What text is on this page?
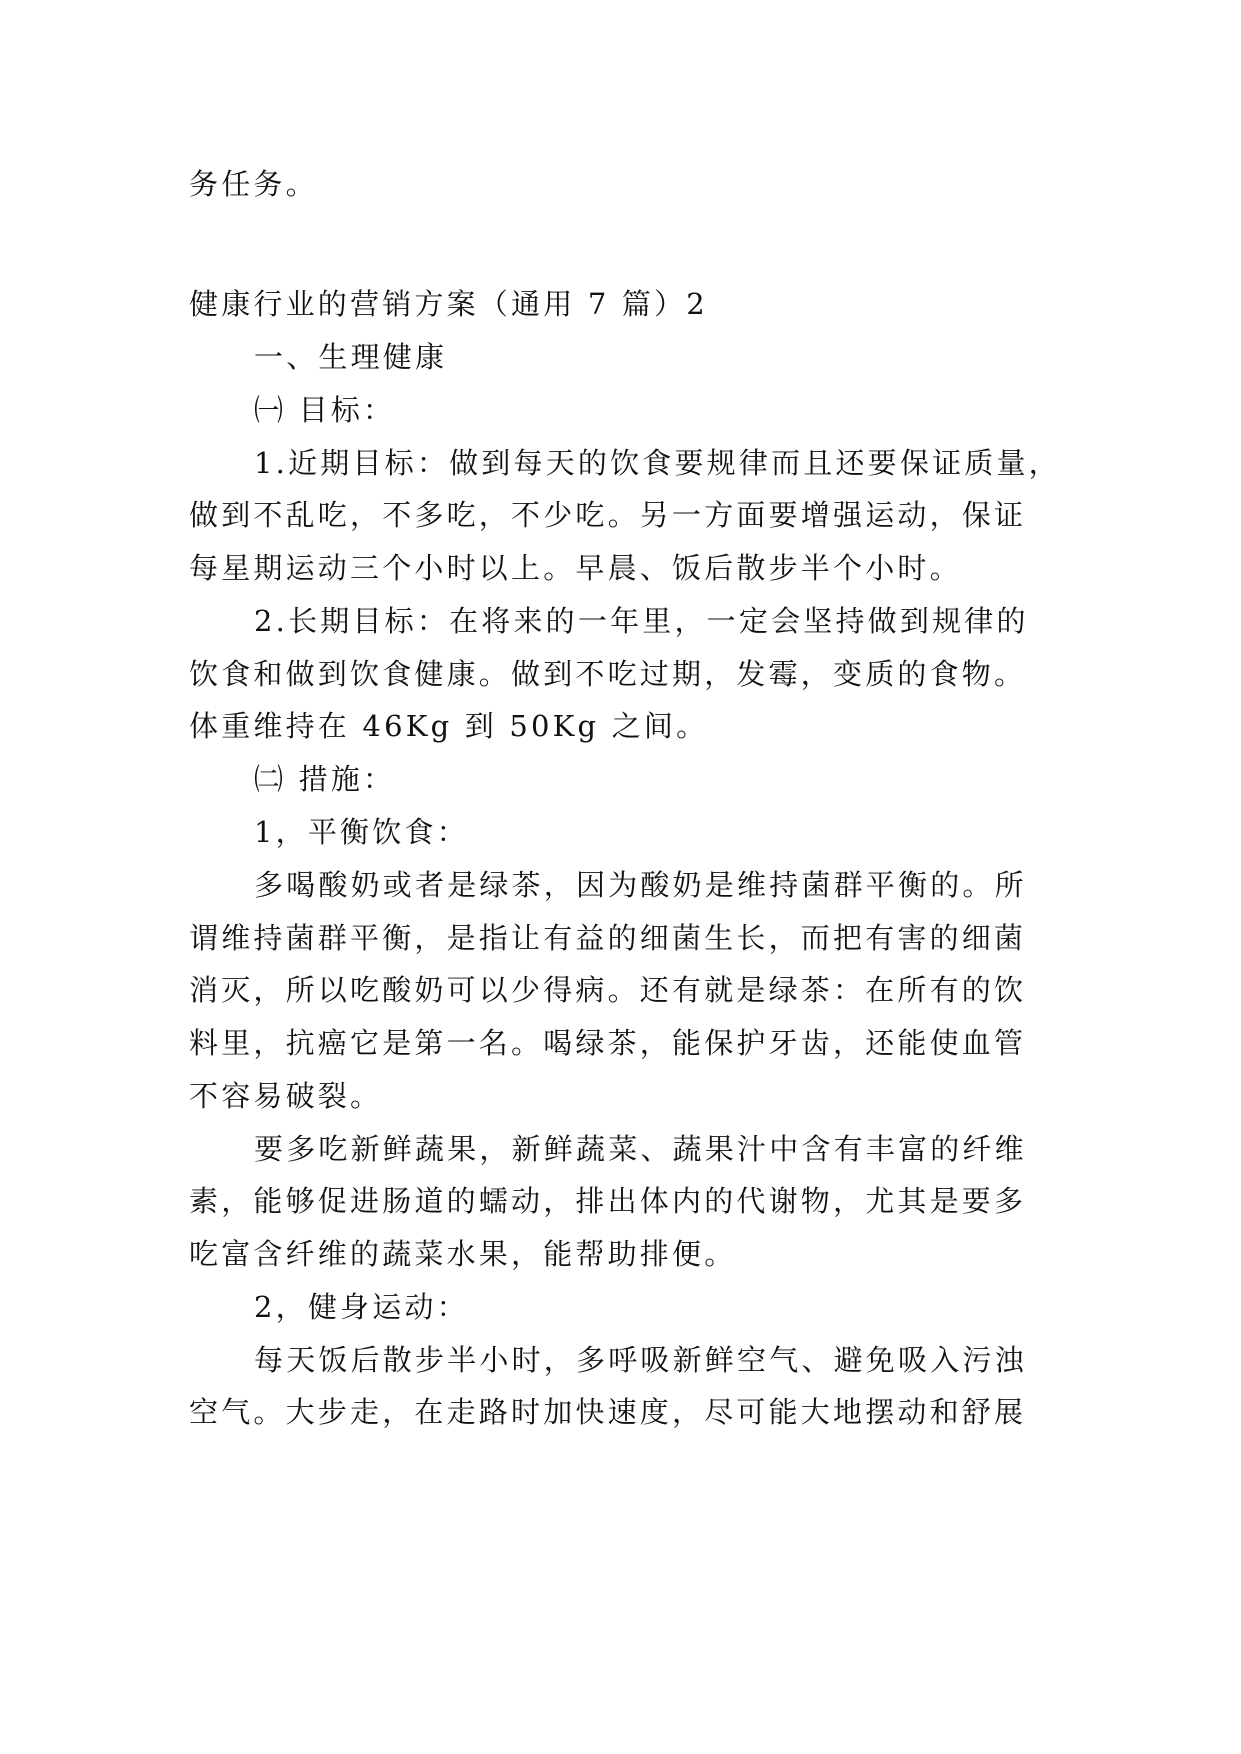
务任务。
健康行业的营销方案（通用 7 篇）2
一、生理健康
㈠ 目标：
1.近期目标：做到每天的饮食要规律而且还要保证质量，
做到不乱吃，不多吃，不少吃。另一方面要增强运动，保证
每星期运动三个小时以上。早晨、饭后散步半个小时。
2.长期目标：在将来的一年里，一定会坚持做到规律的
饮食和做到饮食健康。做到不吃过期，发霉，变质的食物。
体重维持在 46Kg 到 50Kg 之间。
㈡ 措施：
1，平衡饮食：
多喝酸奶或者是绿茶，因为酸奶是维持菌群平衡的。所
谓维持菌群平衡，是指让有益的细菌生长，而把有害的细菌
消灭，所以吃酸奶可以少得病。还有就是绿茶：在所有的饮
料里，抗癌它是第一名。喝绿茶，能保护牙齿，还能使血管
不容易破裂。
要多吃新鲜蔬果，新鲜蔬菜、蔬果汁中含有丰富的纤维
素，能够促进肠道的蠕动，排出体内的代谢物，尤其是要多
吃富含纤维的蔬菜水果，能帮助排便。
2，健身运动：
每天饭后散步半小时，多呼吸新鲜空气、避免吸入污浊
空气。大步走，在走路时加快速度，尽可能大地摆动和舒展
